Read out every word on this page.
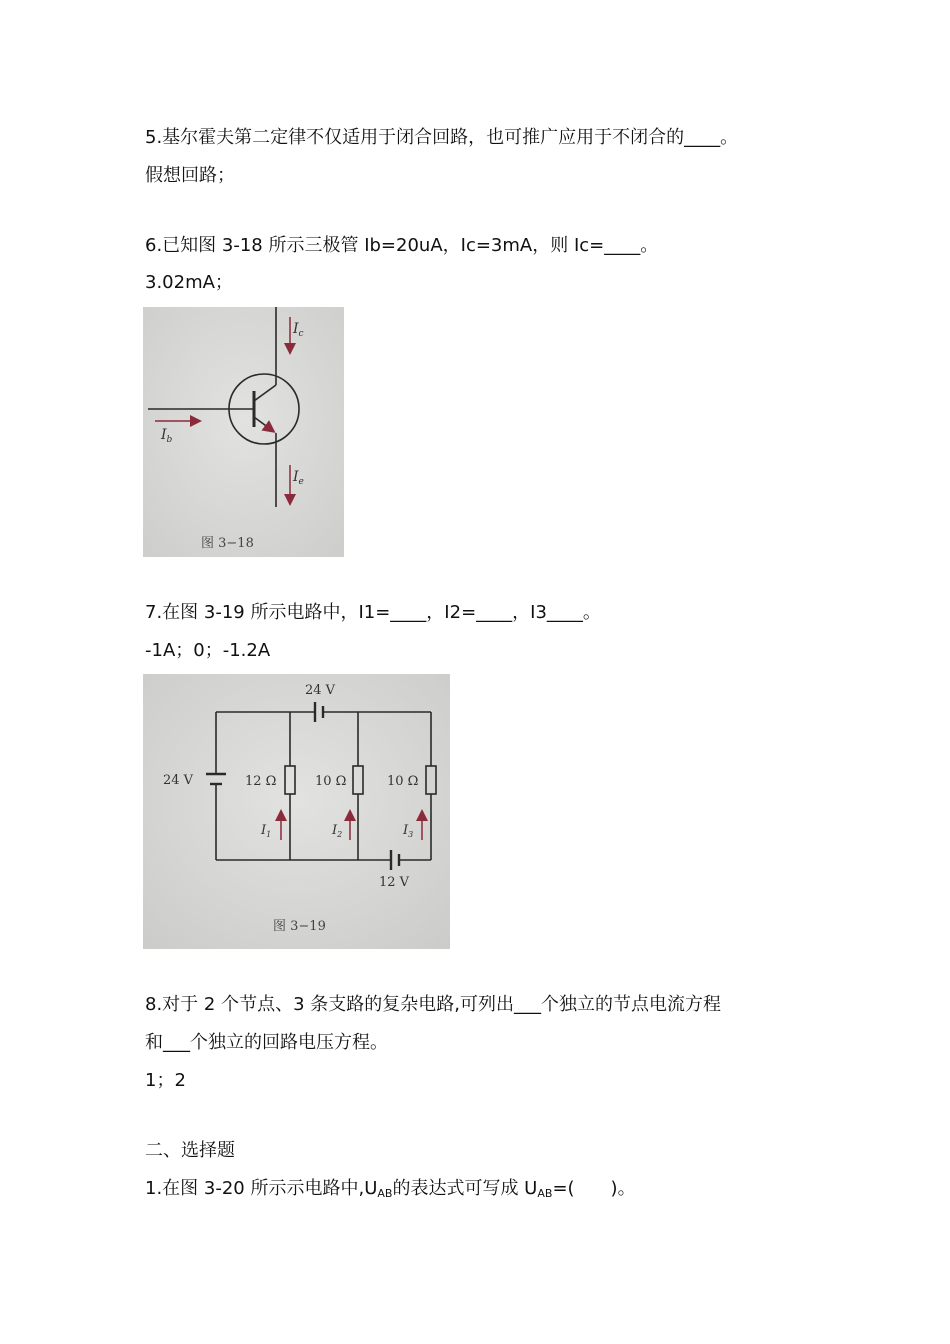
5.基尔霍夫第二定律不仅适用于闭合回路，也可推广应用于不闭合的____。
假想回路；
6.已知图 3-18 所示三极管 Ib=20uA，Ic=3mA，则 Ic=____。
3.02mA；
$I_c$
$I_b$
$I_e$
图 3−18
7.在图 3-19 所示电路中，I1=____，I2=____，I3____。
-1A；0；-1.2A
24 V
24 V
12 V
12 Ω	10 Ω	10 Ω
$I_1$	$I_2$	$I_3$
图 3−19
8.对于 2 个节点、3 条支路的复杂电路,可列出___个独立的节点电流方程
和___个独立的回路电压方程。
1；2
二、选择题
1.在图 3-20 所示示电路中$,U_{AB}$的表达式可写成 $U_{AB}=$(　　)。
